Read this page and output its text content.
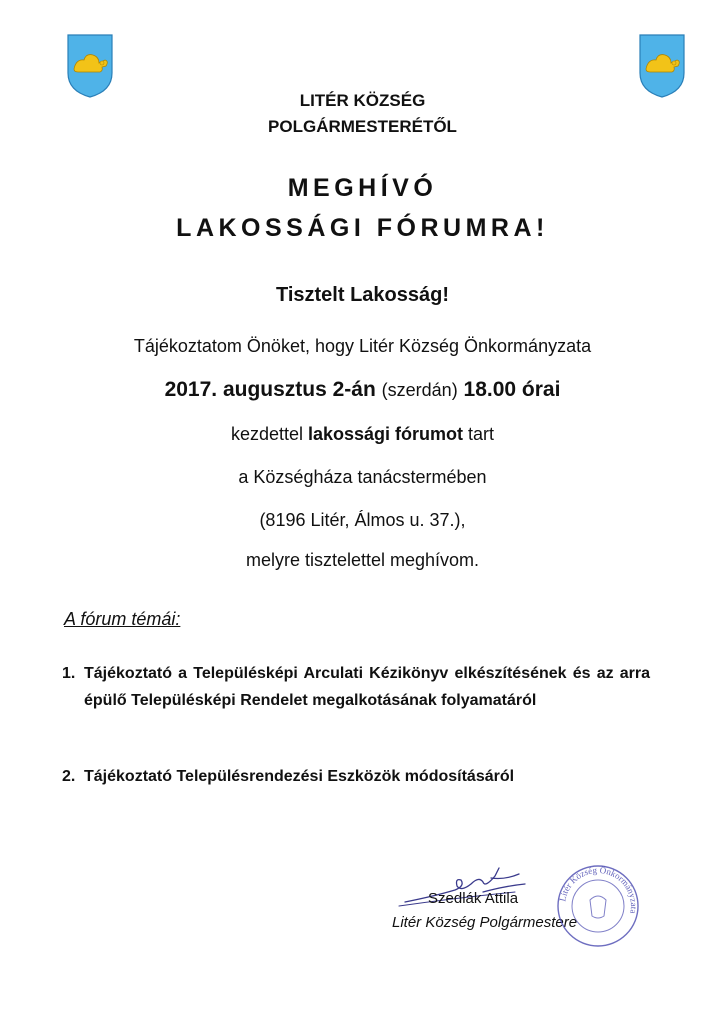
LITÉR KÖZSÉG
POLGÁRMESTERÉTŐL
MEGHÍVÓ
LAKOSSÁGI FÓRUMRA!
Tisztelt Lakosság!
Tájékoztatom Önöket, hogy Litér Község Önkormányzata
2017. augusztus 2-án (szerdán) 18.00 órai
kezdettel lakossági fórumot tart
a Községháza tanácstermében
(8196 Litér, Álmos u. 37.),
melyre tisztelettel meghívom.
A fórum témái:
1. Tájékoztató a Településképi Arculati Kézikönyv elkészítésének és az arra épülő Településképi Rendelet megalkotásának folyamatáról
2. Tájékoztató Településrendezési Eszközök módosításáról
Szedlák Attila
Litér Község Polgármestere
Litér Község Önkormányzata
